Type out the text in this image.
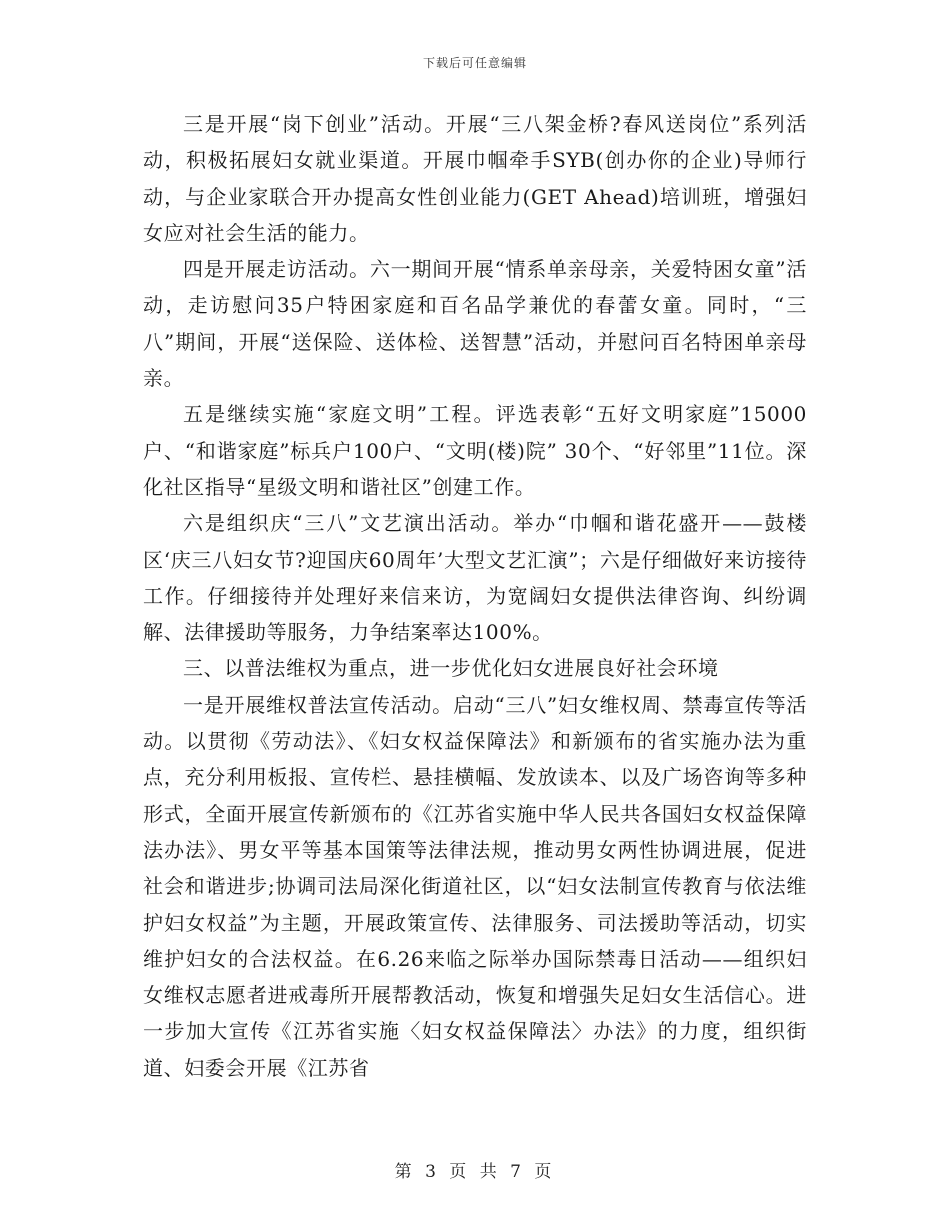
下载后可任意编辑

三是开展“岗下创业”活动。开展“三八架金桥?春风送岗位”系列活动，积极拓展妇女就业渠道。开展巾帼牵手SYB(创办你的企业)导师行动，与企业家联合开办提高女性创业能力(GET Ahead)培训班，增强妇女应对社会生活的能力。

四是开展走访活动。六一期间开展“情系单亲母亲，关爱特困女童”活动，走访慰问35户特困家庭和百名品学兼优的春蕾女童。同时，“三八”期间，开展“送保险、送体检、送智慧”活动，并慰问百名特困单亲母亲。

五是继续实施“家庭文明”工程。评选表彰“五好文明家庭”15000户、“和谐家庭”标兵户100户、“文明(楼)院” 30个、“好邻里”11位。深化社区指导“星级文明和谐社区”创建工作。

六是组织庆“三八”文艺演出活动。举办“巾帼和谐花盛开——鼓楼区‘庆三八妇女节?迎国庆60周年’大型文艺汇演”；六是仔细做好来访接待工作。仔细接待并处理好来信来访，为宽阔妇女提供法律咨询、纠纷调解、法律援助等服务，力争结案率达100%。

三、以普法维权为重点，进一步优化妇女进展良好社会环境

一是开展维权普法宣传活动。启动“三八”妇女维权周、禁毒宣传等活动。以贯彻《劳动法》、《妇女权益保障法》和新颁布的省实施办法为重点，充分利用板报、宣传栏、悬挂横幅、发放读本、以及广场咨询等多种形式，全面开展宣传新颁布的《江苏省实施中华人民共各国妇女权益保障法办法》、男女平等基本国策等法律法规，推动男女两性协调进展，促进社会和谐进步;协调司法局深化街道社区，以“妇女法制宣传教育与依法维护妇女权益”为主题，开展政策宣传、法律服务、司法援助等活动，切实维护妇女的合法权益。在6.26来临之际举办国际禁毒日活动——组织妇女维权志愿者进戒毒所开展帮教活动，恢复和增强失足妇女生活信心。进一步加大宣传《江苏省实施〈妇女权益保障法〉办法》的力度，组织街道、妇委会开展《江苏省

第 3 页 共 7 页
